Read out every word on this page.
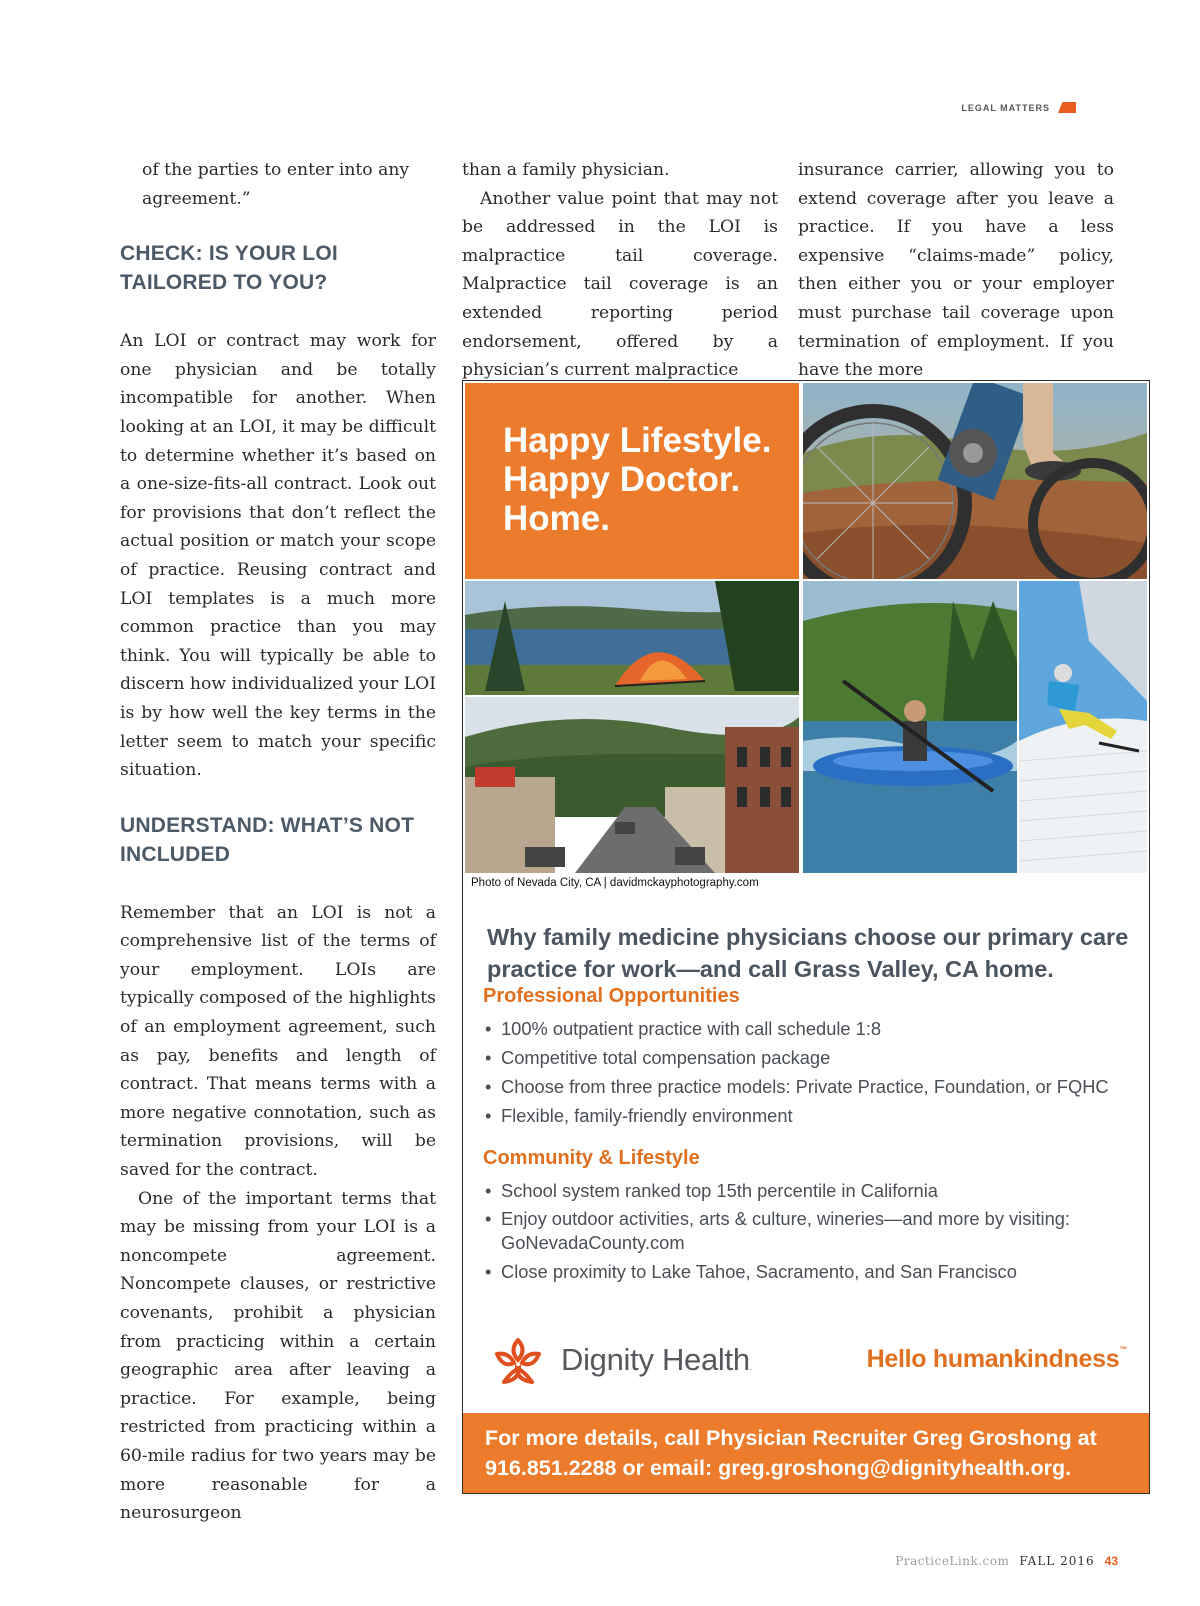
LEGAL MATTERS

of the parties to enter into any agreement.”

CHECK: IS YOUR LOI TAILORED TO YOU?

An LOI or contract may work for one physician and be totally incompatible for another. When looking at an LOI, it may be difficult to determine whether it’s based on a one-size-fits-all contract. Look out for provisions that don’t reflect the actual position or match your scope of practice. Reusing contract and LOI templates is a much more common practice than you may think. You will typically be able to discern how individualized your LOI is by how well the key terms in the letter seem to match your specific situation.

UNDERSTAND: WHAT’S NOT INCLUDED

Remember that an LOI is not a comprehensive list of the terms of your employment. LOIs are typically composed of the highlights of an employment agreement, such as pay, benefits and length of contract. That means terms with a more negative connotation, such as termination provisions, will be saved for the contract.

One of the important terms that may be missing from your LOI is a noncompete agreement. Noncompete clauses, or restrictive covenants, prohibit a physician from practicing within a certain geographic area after leaving a practice. For example, being restricted from practicing within a 60-mile radius for two years may be more reasonable for a neurosurgeon

than a family physician.

Another value point that may not be addressed in the LOI is malpractice tail coverage. Malpractice tail coverage is an extended reporting period endorsement, offered by a physician’s current malpractice

insurance carrier, allowing you to extend coverage after you leave a practice. If you have a less expensive “claims-made” policy, then either you or your employer must purchase tail coverage upon termination of employment. If you have the more

Happy Lifestyle.
Happy Doctor.
Home.
Photo of Nevada City, CA | davidmckayphotography.com
Why family medicine physicians choose our primary care practice for work—and call Grass Valley, CA home.
Professional Opportunities
• 100% outpatient practice with call schedule 1:8
• Competitive total compensation package
• Choose from three practice models: Private Practice, Foundation, or FQHC
• Flexible, family-friendly environment
Community & Lifestyle
• School system ranked top 15th percentile in California
• Enjoy outdoor activities, arts & culture, wineries—and more by visiting: GoNevadaCounty.com
• Close proximity to Lake Tahoe, Sacramento, and San Francisco
Dignity Health.	Hello humankindness™
For more details, call Physician Recruiter Greg Groshong at 916.851.2288 or email: greg.groshong@dignityhealth.org.
PracticeLink.com FALL 2016 43
